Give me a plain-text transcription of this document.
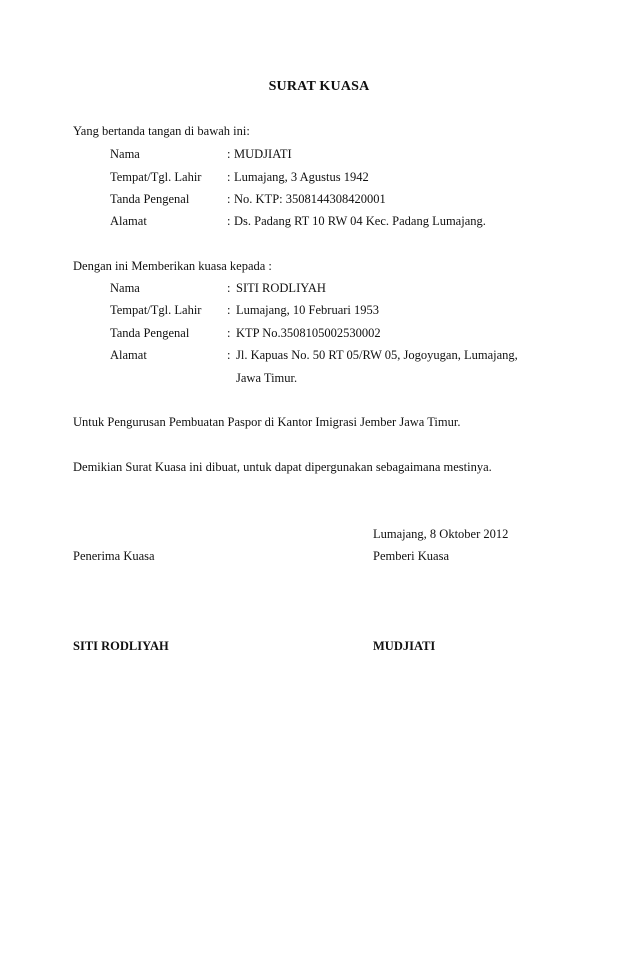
SURAT KUASA
Yang bertanda tangan di bawah ini:
Nama	: MUDJIATI
Tempat/Tgl. Lahir : Lumajang, 3 Agustus 1942
Tanda Pengenal	: No. KTP: 3508144308420001
Alamat	: Ds. Padang RT 10 RW 04 Kec. Padang Lumajang.
Dengan ini Memberikan kuasa kepada :
Nama	: SITI RODLIYAH
Tempat/Tgl. Lahir : Lumajang, 10 Februari 1953
Tanda Pengenal	: KTP No.3508105002530002
Alamat	: Jl. Kapuas No. 50 RT 05/RW 05, Jogoyugan, Lumajang,
Jawa Timur.
Untuk Pengurusan Pembuatan Paspor di Kantor Imigrasi Jember Jawa Timur.
Demikian Surat Kuasa ini dibuat, untuk dapat dipergunakan sebagaimana mestinya.
Lumajang, 8 Oktober 2012
Penerima Kuasa	Pemberi Kuasa
SITI RODLIYAH	MUDJIATI
